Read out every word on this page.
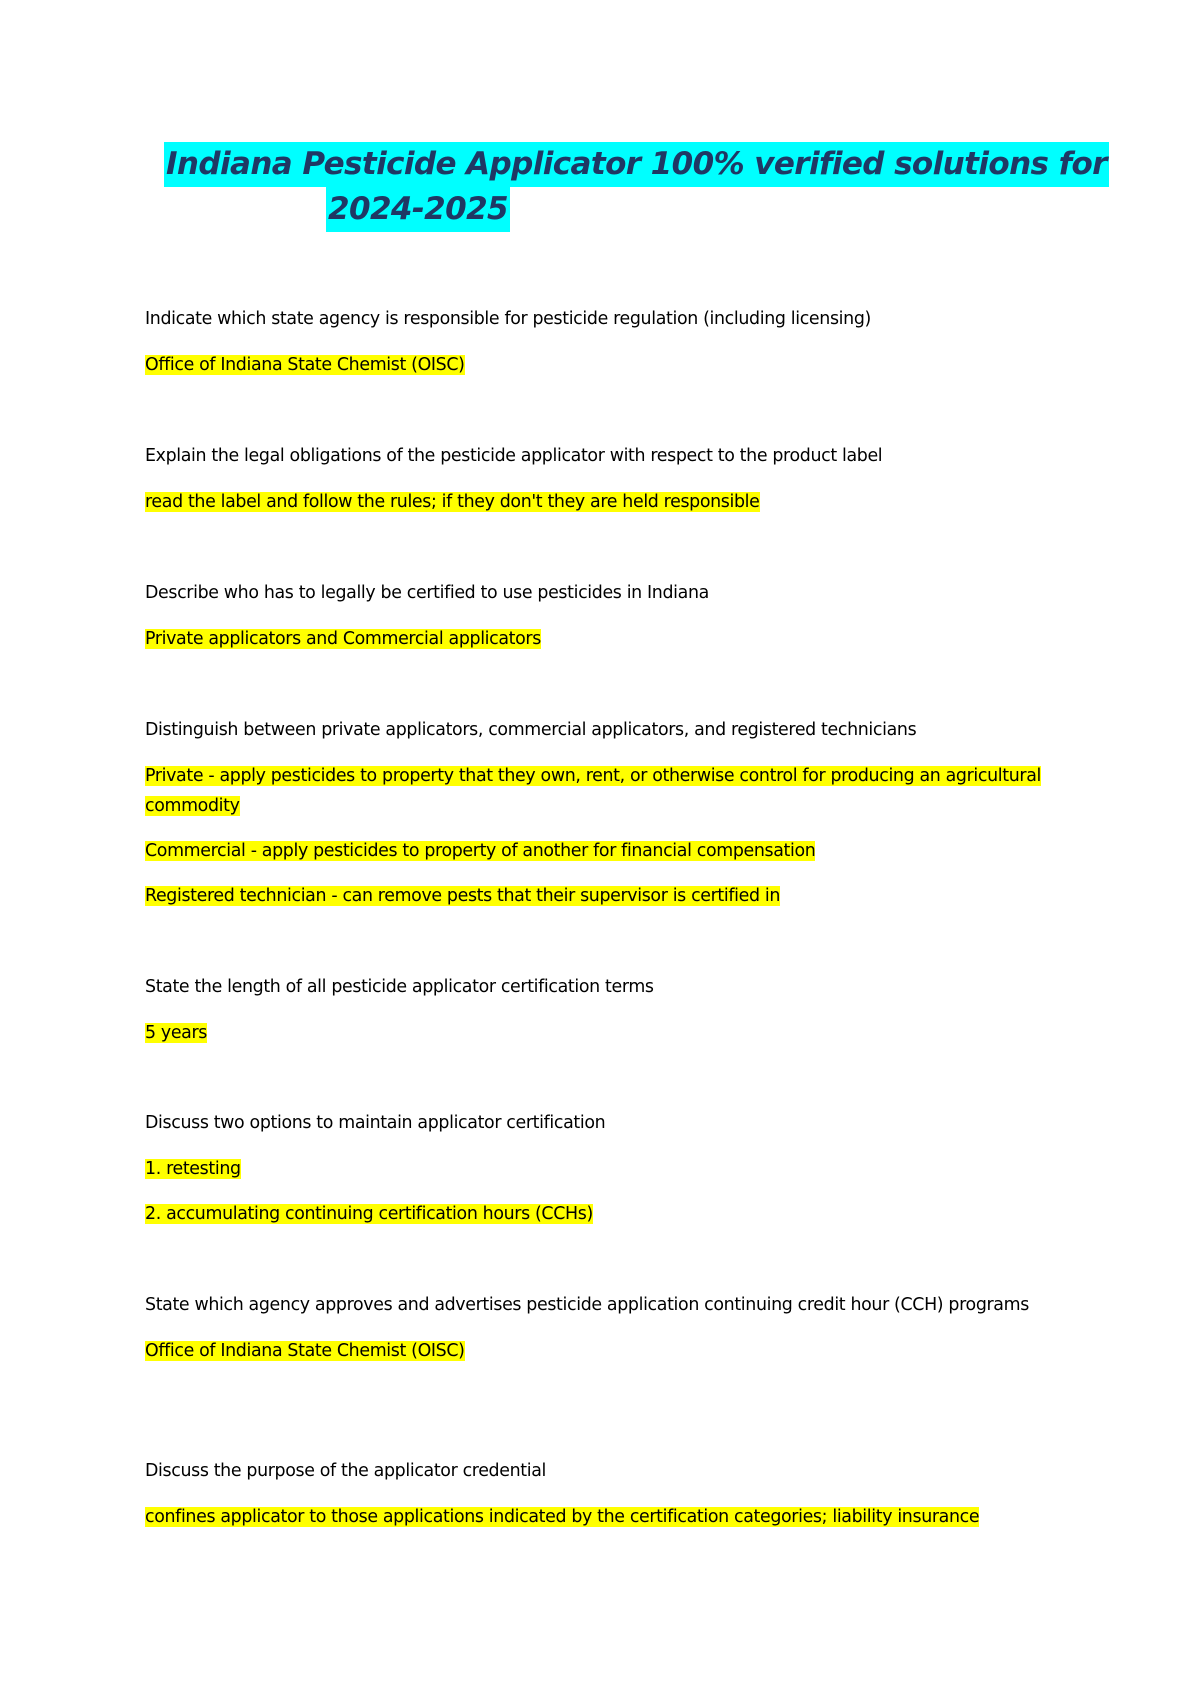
Indiana Pesticide Applicator 100% verified solutions for
2024-2025

Indicate which state agency is responsible for pesticide regulation (including licensing)

Office of Indiana State Chemist (OISC)

Explain the legal obligations of the pesticide applicator with respect to the product label

read the label and follow the rules; if they don't they are held responsible

Describe who has to legally be certified to use pesticides in Indiana

Private applicators and Commercial applicators

Distinguish between private applicators, commercial applicators, and registered technicians

Private - apply pesticides to property that they own, rent, or otherwise control for producing an agricultural commodity

Commercial - apply pesticides to property of another for financial compensation

Registered technician - can remove pests that their supervisor is certified in

State the length of all pesticide applicator certification terms

5 years

Discuss two options to maintain applicator certification

1. retesting

2. accumulating continuing certification hours (CCHs)

State which agency approves and advertises pesticide application continuing credit hour (CCH) programs

Office of Indiana State Chemist (OISC)

Discuss the purpose of the applicator credential

confines applicator to those applications indicated by the certification categories; liability insurance
